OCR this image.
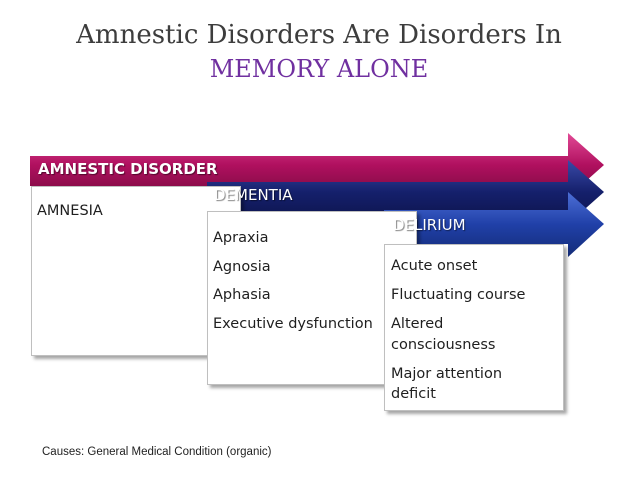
Amnestic Disorders Are Disorders In
MEMORY ALONE
AMNESTIC DISORDER
AMNESIA
DEMENTIA
Apraxia
Agnosia
Aphasia
Executive dysfunction
DELIRIUM
Acute onset
Fluctuating course
Altered
consciousness
Major attention
deficit
Causes: General Medical Condition (organic)
